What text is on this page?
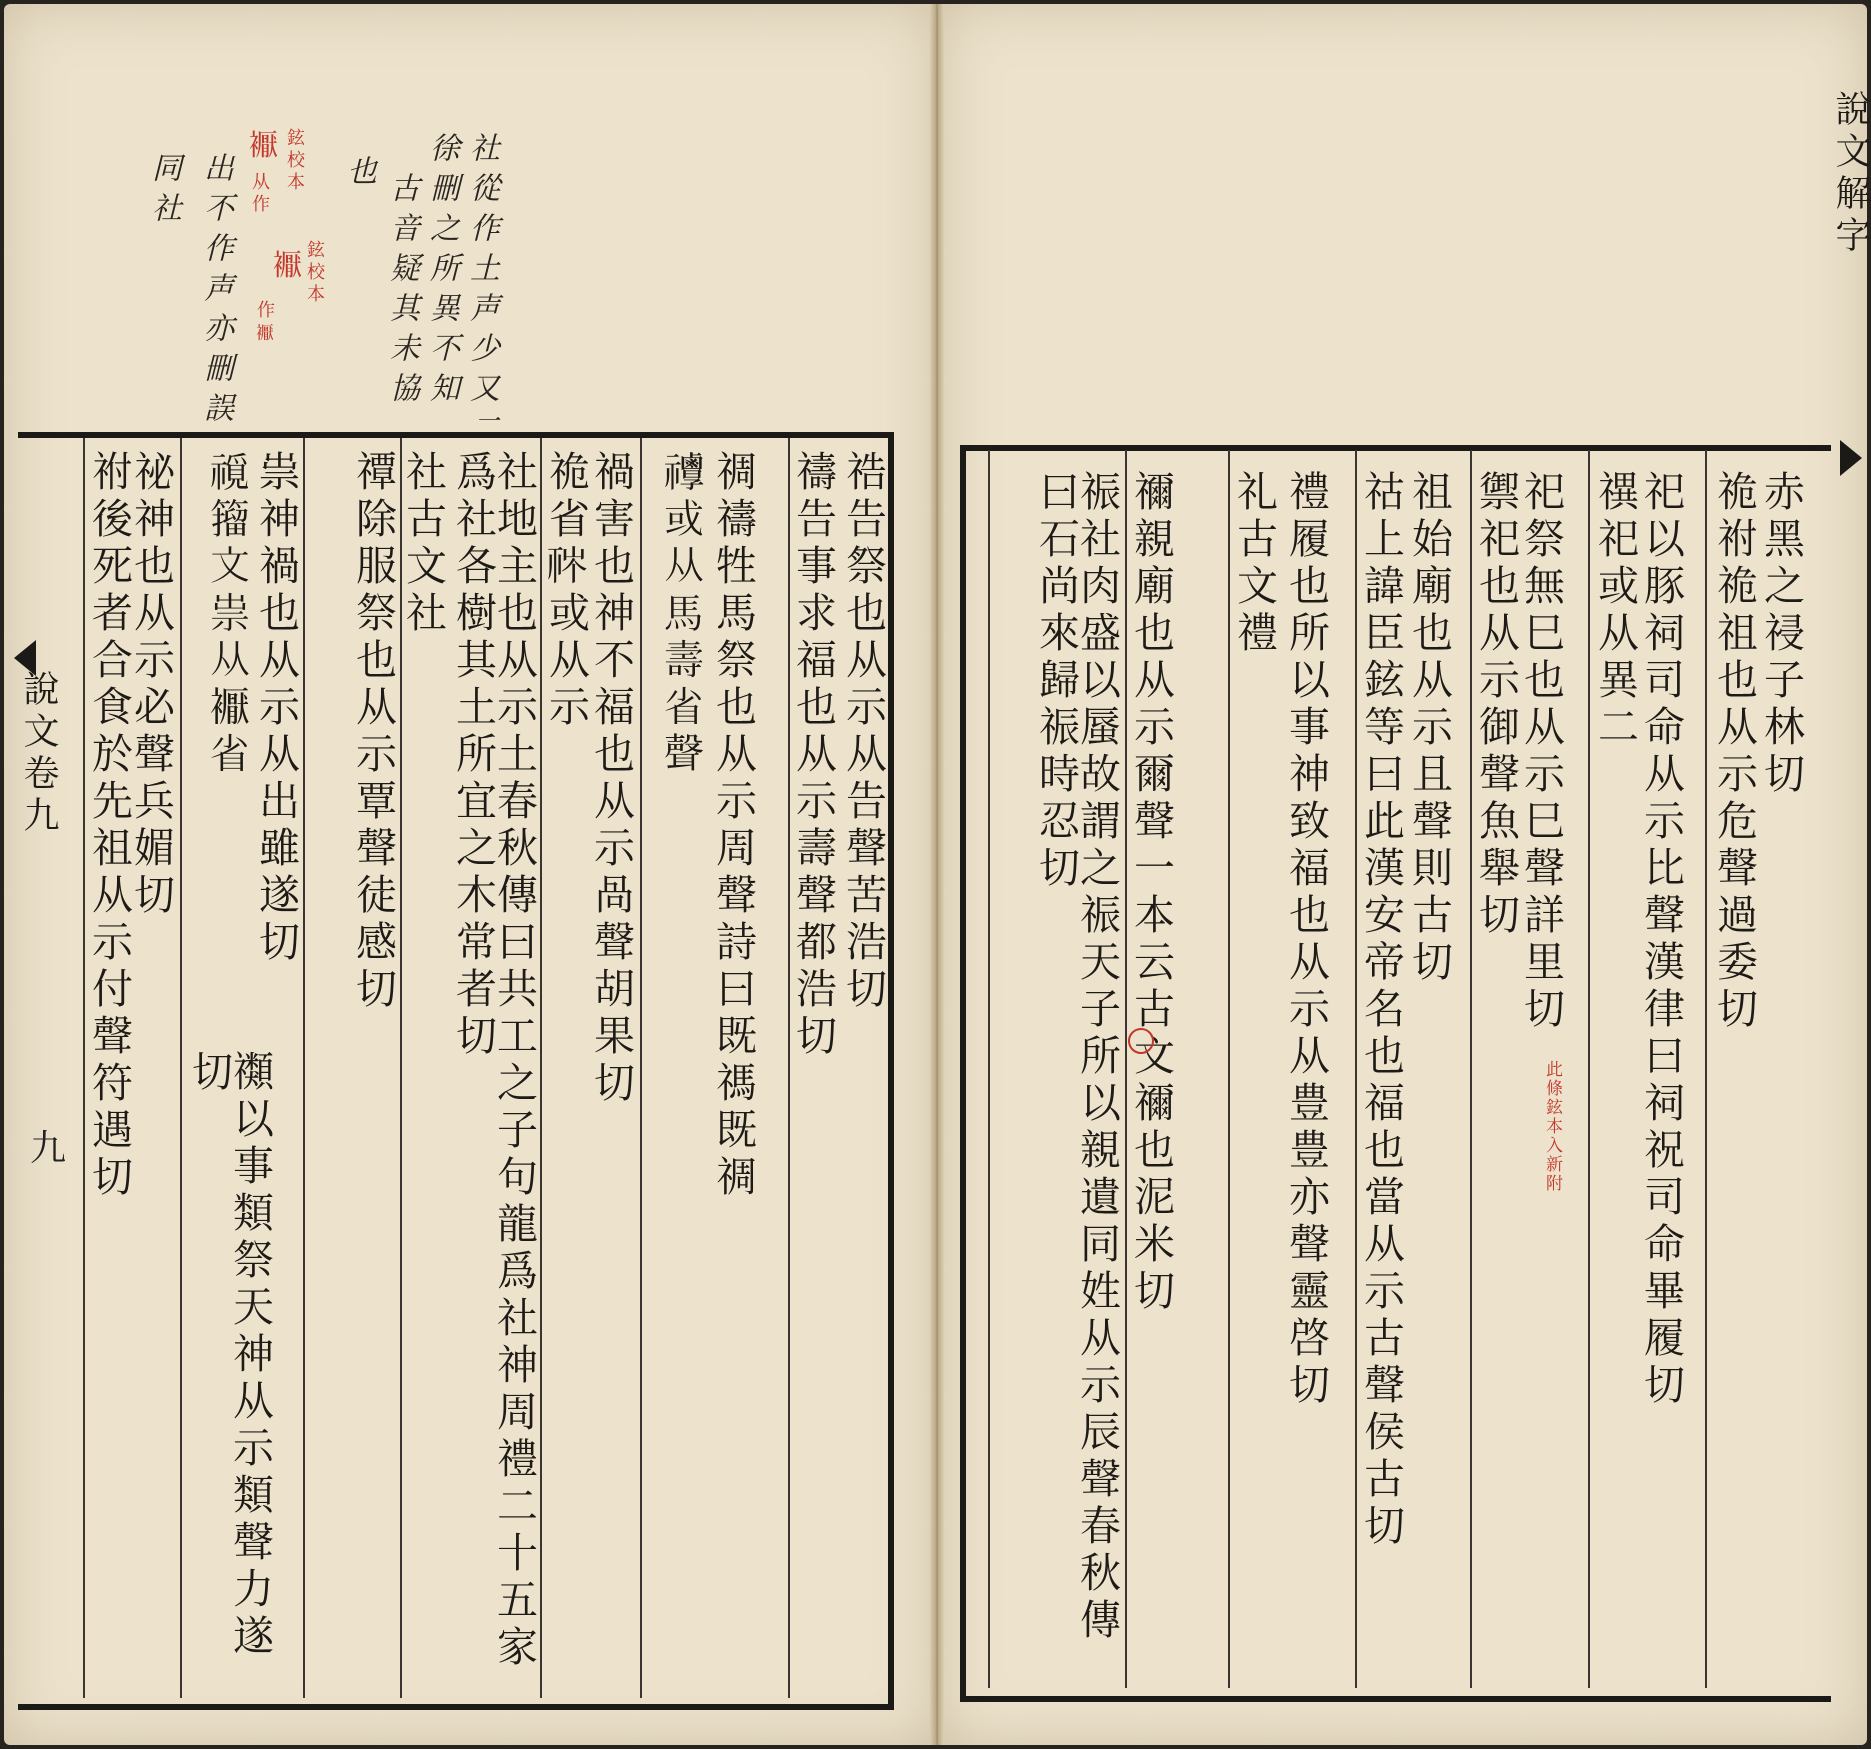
社從作土声少又二
徐刪之所異不知
古音疑其未協
也
𧞣 鉉校本
从作
𧞣 鉉校本
作𧞣
出不作声亦刪誤
同社
祰告祭也从示从告聲苦浩切
禱告事求福也从示壽聲都浩切
禂禱牲馬祭也从示周聲詩曰既禡既禂
𥜯或从馬壽省聲
禍害也神不福也从示咼聲胡果切
祪省𥙏或从示
社地主也从示土春秋傳曰共工之子句龍爲社神周禮二十五家爲社各樹其土所宜之木常者切
社古文社
禫除服祭也从示覃聲徒感切
祟神禍也从示从出雖遂切
𥛟籀文祟从𧞣省
禷以事類祭天神从示類聲力遂切
祕神也从示必聲兵媚切
祔後死者合食於先祖从示付聲符遇切
說文卷九
九
赤黑之祲子林切
祪祔祪祖也从示危聲過委切
祀以豚祠司命从示比聲漢律曰祠祝司命畢履切
禩祀或从異二
祀祭無巳也从示巳聲詳里切
禦祀也从示御聲魚舉切
祖始廟也从示且聲則古切
祜上諱臣鉉等曰此漢安帝名也福也當从示古聲侯古切
禮履也所以事神致福也从示从豊豊亦聲靈啓切
礼古文禮
禰親廟也从示爾聲一本云古文禰也泥米切
祳社肉盛以蜃故謂之祳天子所以親遺同姓从示辰聲春秋傳曰石尚來歸祳時忍切
此條鉉本入新附
說文解字
